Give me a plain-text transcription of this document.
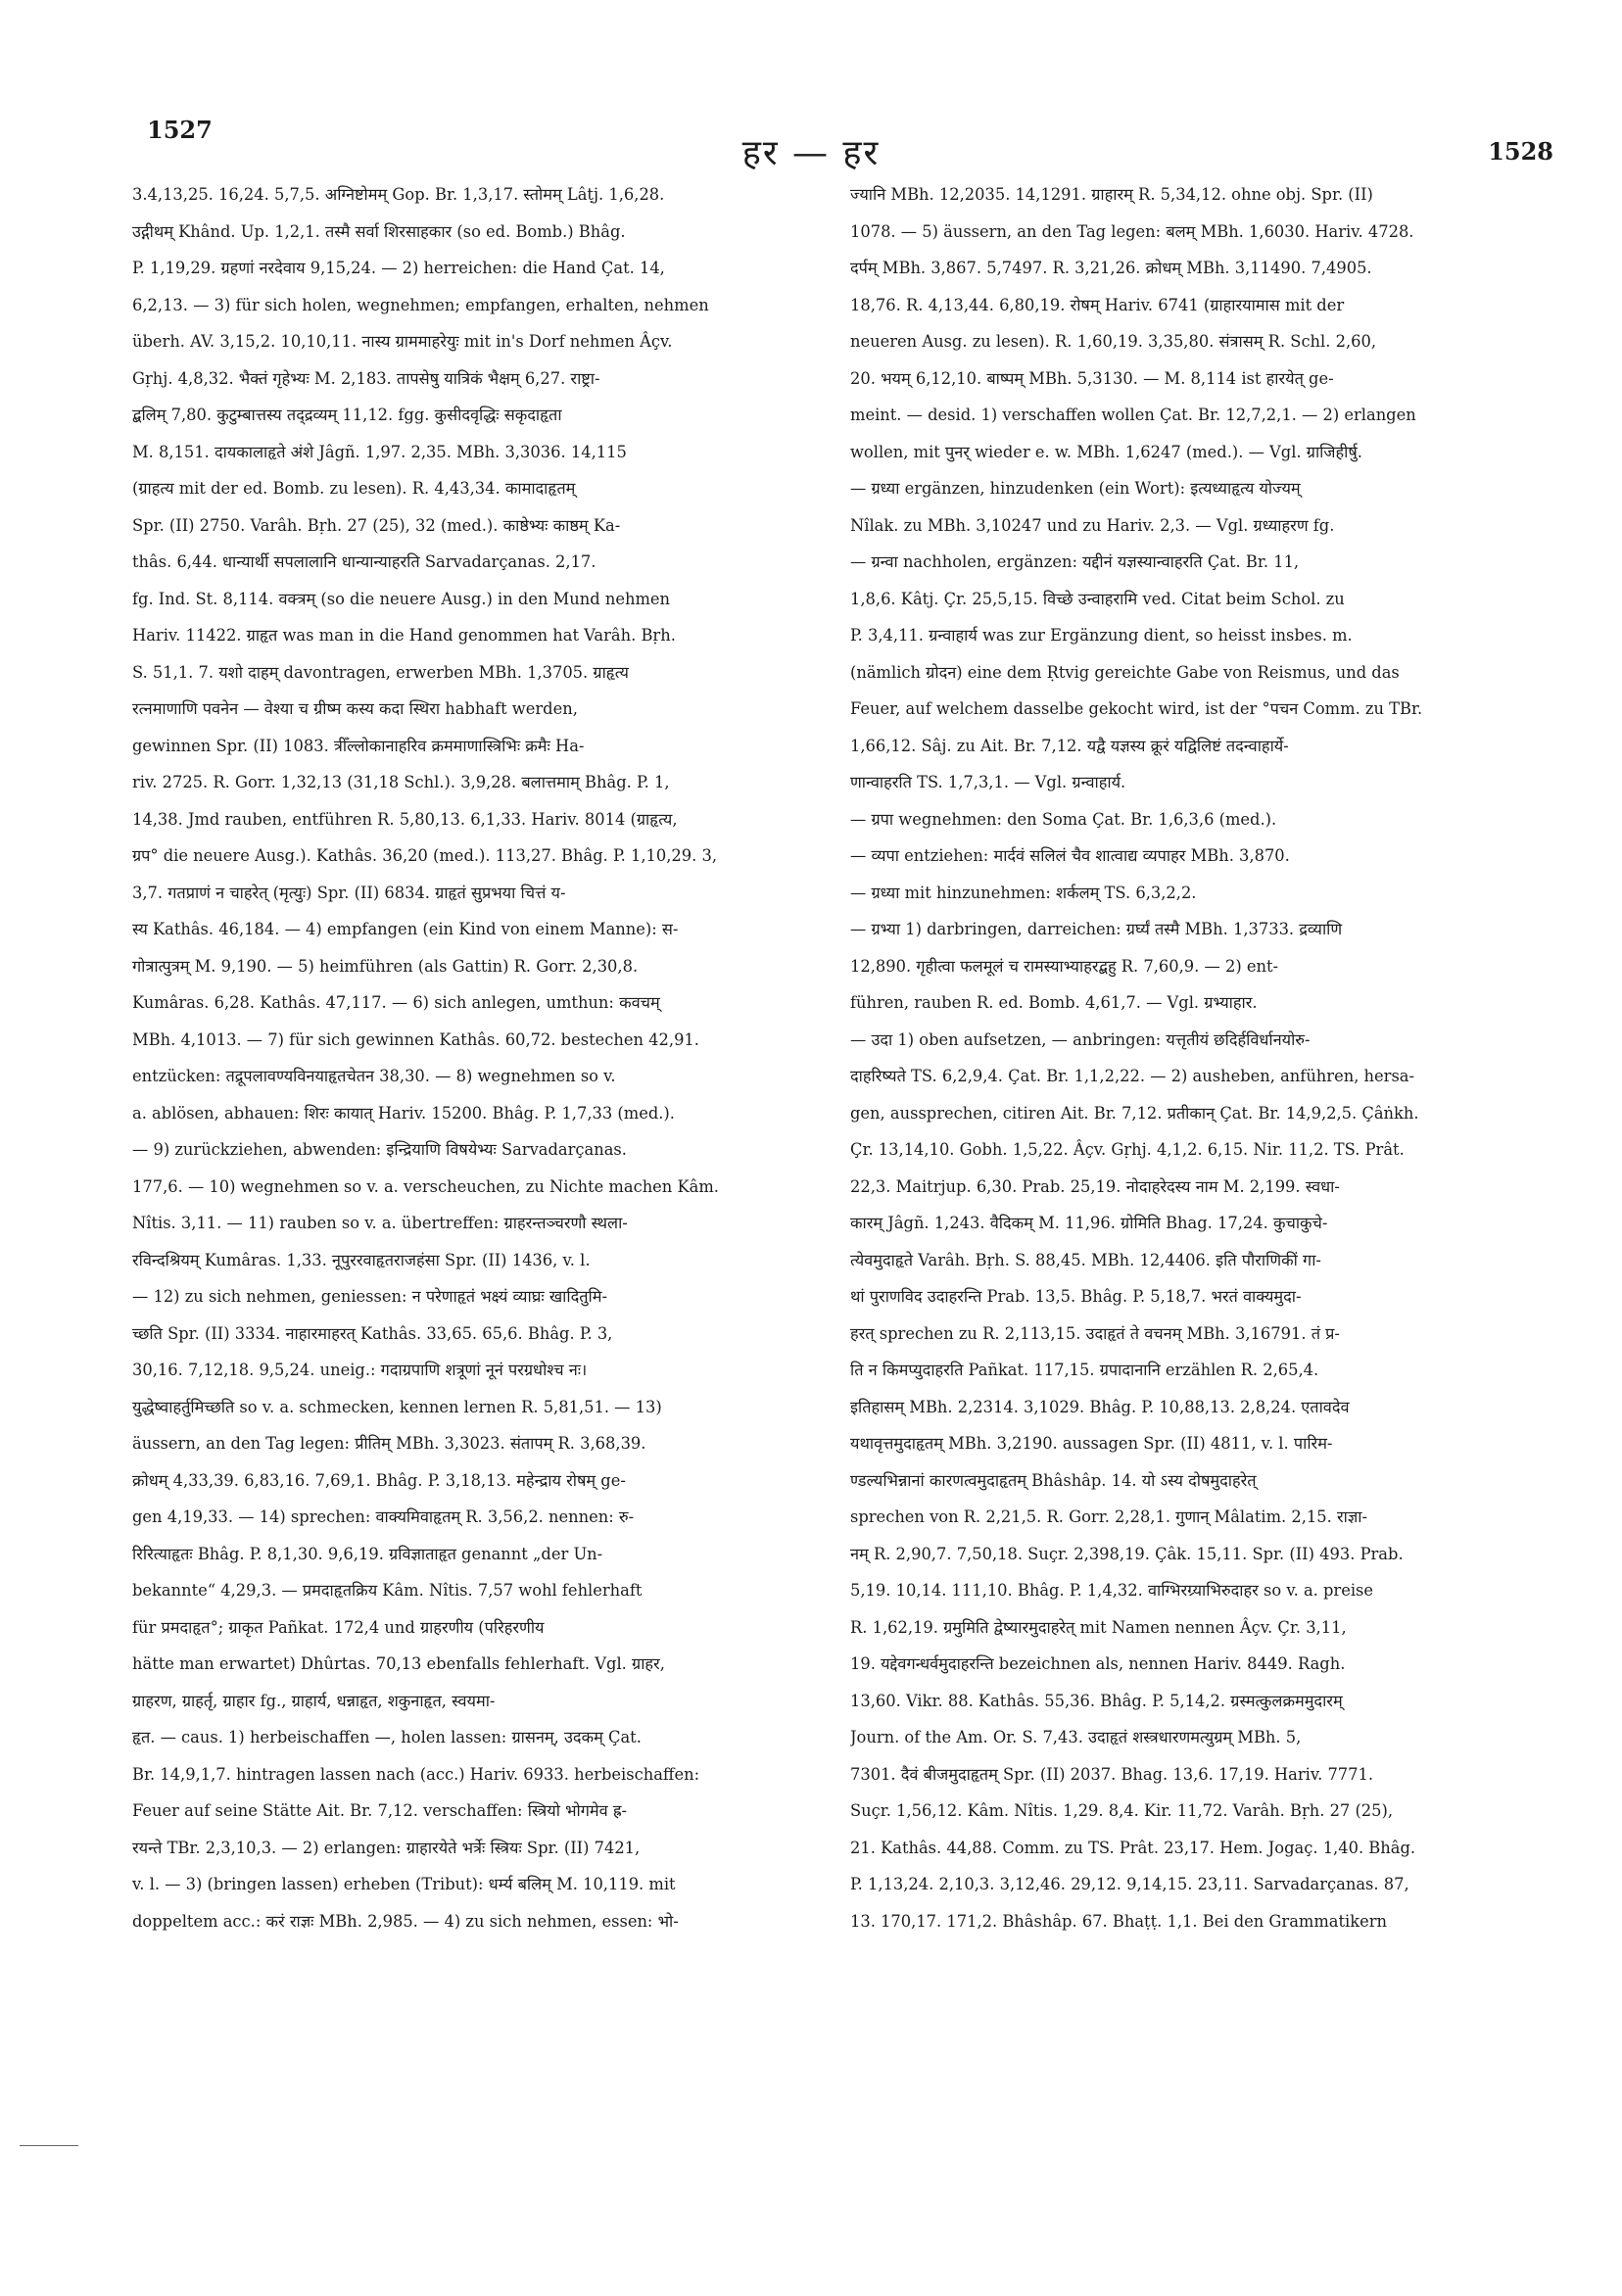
1527
हर — हर	1528

3.4,13,25. 16,24. 5,7,5. अग्निष्टोमम् Gop. Br. 1,3,17. स्तोमम् Lâṭj. 1,6,28.

उद्गीथम् Khând. Up. 1,2,1. तस्मै सर्वा शिरसाहकार (so ed. Bomb.) Bhâg.

P. 1,19,29. ग्रहणां नरदेवाय 9,15,24. — 2) herreichen: die Hand Çat. 14,

6,2,13. — 3) für sich holen, wegnehmen; empfangen, erhalten, nehmen

überh. AV. 3,15,2. 10,10,11. नास्य ग्राममाहरेयुः mit in's Dorf nehmen Âçv.

Gṛhj. 4,8,32. भैक्तं गृहेभ्यः M. 2,183. तापसेषु यात्रिकं भैक्षम् 6,27. राष्ट्रा-

द्बलिम् 7,80. कुटुम्बात्तस्य तद्द्रव्यम् 11,12. fgg. कुसीदवृद्धिः सकृदाहृता

M. 8,151. दायकालाहृते अंशे Jâgñ. 1,97. 2,35. MBh. 3,3036. 14,115

(ग्राहत्य mit der ed. Bomb. zu lesen). R. 4,43,34. कामादाहृतम्

Spr. (II) 2750. Varâh. Bṛh. 27 (25), 32 (med.). काष्ठेभ्यः काष्ठम् Ka-

thâs. 6,44. धान्यार्थी सपलालानि धान्यान्याहरति Sarvadarçanas. 2,17.

fg. Ind. St. 8,114. वक्त्रम् (so die neuere Ausg.) in den Mund nehmen

Hariv. 11422. ग्राहृत was man in die Hand genommen hat Varâh. Bṛh.

S. 51,1. 7. यशो दाहम् davontragen, erwerben MBh. 1,3705. ग्राहृत्य

रत्नमाणाणि पवनेन — वेश्या च ग्रीष्म कस्य कदा स्थिरा habhaft werden,

gewinnen Spr. (II) 1083. त्रीँल्लोकानाहरिव क्रममाणास्त्रिभिः क्रमैः Ha-

riv. 2725. R. Gorr. 1,32,13 (31,18 Schl.). 3,9,28. बलात्तमाम् Bhâg. P. 1,

14,38. Jmd rauben, entführen R. 5,80,13. 6,1,33. Hariv. 8014 (ग्राहृत्य,

ग्रप° die neuere Ausg.). Kathâs. 36,20 (med.). 113,27. Bhâg. P. 1,10,29. 3,

3,7. गतप्राणं न चाहरेत् (मृत्युः) Spr. (II) 6834. ग्राहृतं सुप्रभया चित्तं य-

स्य Kathâs. 46,184. — 4) empfangen (ein Kind von einem Manne): स-

गोत्रात्पुत्रम् M. 9,190. — 5) heimführen (als Gattin) R. Gorr. 2,30,8.

Kumâras. 6,28. Kathâs. 47,117. — 6) sich anlegen, umthun: कवचम्

MBh. 4,1013. — 7) für sich gewinnen Kathâs. 60,72. bestechen 42,91.

entzücken: तद्रूपलावण्यविनयाहृतचेतन 38,30. — 8) wegnehmen so v.

a. ablösen, abhauen: शिरः कायात् Hariv. 15200. Bhâg. P. 1,7,33 (med.).

— 9) zurückziehen, abwenden: इन्द्रियाणि विषयेभ्यः Sarvadarçanas.

177,6. — 10) wegnehmen so v. a. verscheuchen, zu Nichte machen Kâm.

Nîtis. 3,11. — 11) rauben so v. a. übertreffen: ग्राहरन्तञ्चरणौ स्थला-

रविन्दश्रियम् Kumâras. 1,33. नूपुररवाहृतराजहंसा Spr. (II) 1436, v. l.

— 12) zu sich nehmen, geniessen: न परेणाहृतं भक्ष्यं व्याघ्रः खादितुमि-

च्छति Spr. (II) 3334. नाहारमाहरत् Kathâs. 33,65. 65,6. Bhâg. P. 3,

30,16. 7,12,18. 9,5,24. uneig.: गदाग्रपाणि शत्रूणां नूनं परग्रधोश्च नः।

युद्धेष्वाहर्तुमिच्छति so v. a. schmecken, kennen lernen R. 5,81,51. — 13)

äussern, an den Tag legen: प्रीतिम् MBh. 3,3023. संतापम् R. 3,68,39.

क्रोधम् 4,33,39. 6,83,16. 7,69,1. Bhâg. P. 3,18,13. महेन्द्राय रोषम् ge-

gen 4,19,33. — 14) sprechen: वाक्यमिवाहृतम् R. 3,56,2. nennen: रु-

रिरित्याहृतः Bhâg. P. 8,1,30. 9,6,19. ग्रविज्ञाताहृत genannt „der Un-

bekannte“ 4,29,3. — प्रमदाहृतक्रिय Kâm. Nîtis. 7,57 wohl fehlerhaft

für प्रमदाहृत°; ग्राकृत Pañkat. 172,4 und ग्राहरणीय (परिहरणीय

hätte man erwartet) Dhûrtas. 70,13 ebenfalls fehlerhaft. Vgl. ग्राहर,

ग्राहरण, ग्राहर्तृ, ग्राहार fg., ग्राहार्य, धन्नाहृत, शकुनाहृत, स्वयमा-

हृत. — caus. 1) herbeischaffen —, holen lassen: ग्रासनम्, उदकम् Çat.

Br. 14,9,1,7. hintragen lassen nach (acc.) Hariv. 6933. herbeischaffen:

Feuer auf seine Stätte Ait. Br. 7,12. verschaffen: स्त्रियो भोगमेव ह्र-

रयन्ते TBr. 2,3,10,3. — 2) erlangen: ग्राहारयेते भर्त्रेः स्त्रियः Spr. (II) 7421,

v. l. — 3) (bringen lassen) erheben (Tribut): धर्म्य बलिम् M. 10,119. mit

doppeltem acc.: करं राज्ञः MBh. 2,985. — 4) zu sich nehmen, essen: भो-

ज्यानि MBh. 12,2035. 14,1291. ग्राहारम् R. 5,34,12. ohne obj. Spr. (II)

1078. — 5) äussern, an den Tag legen: बलम् MBh. 1,6030. Hariv. 4728.

दर्पम् MBh. 3,867. 5,7497. R. 3,21,26. क्रोधम् MBh. 3,11490. 7,4905.

18,76. R. 4,13,44. 6,80,19. रोषम् Hariv. 6741 (ग्राहारयामास mit der

neueren Ausg. zu lesen). R. 1,60,19. 3,35,80. संत्रासम् R. Schl. 2,60,

20. भयम् 6,12,10. बाष्पम् MBh. 5,3130. — M. 8,114 ist हारयेत् ge-

meint. — desid. 1) verschaffen wollen Çat. Br. 12,7,2,1. — 2) erlangen

wollen, mit पुनर् wieder e. w. MBh. 1,6247 (med.). — Vgl. ग्राजिहीर्षु.

— ग्रध्या ergänzen, hinzudenken (ein Wort): इत्यध्याहृत्य योज्यम्

Nîlak. zu MBh. 3,10247 und zu Hariv. 2,3. — Vgl. ग्रध्याहरण fg.

— ग्रन्वा nachholen, ergänzen: यद्दीनं यज्ञस्यान्वाहरति Çat. Br. 11,

1,8,6. Kâtj. Çr. 25,5,15. विच्छे उन्वाहरामि ved. Citat beim Schol. zu

P. 3,4,11. ग्रन्वाहार्य was zur Ergänzung dient, so heisst insbes. m.

(nämlich ग्रोदन) eine dem Ṛtvig gereichte Gabe von Reismus, und das

Feuer, auf welchem dasselbe gekocht wird, ist der °पचन Comm. zu TBr.

1,66,12. Sâj. zu Ait. Br. 7,12. यद्वै यज्ञस्य क्रूरं यद्विलिष्टं तदन्वाहार्ये-

णान्वाहरति TS. 1,7,3,1. — Vgl. ग्रन्वाहार्य.

— ग्रपा wegnehmen: den Soma Çat. Br. 1,6,3,6 (med.).

— व्यपा entziehen: मार्दवं सलिलं चैव शात्वाद्य व्यपाहर MBh. 3,870.

— ग्रध्या mit hinzunehmen: शर्कलम् TS. 6,3,2,2.

— ग्रभ्या 1) darbringen, darreichen: ग्रर्घ्यं तस्मै MBh. 1,3733. द्रव्याणि

12,890. गृहीत्वा फलमूलं च रामस्याभ्याहरद्बहु R. 7,60,9. — 2) ent-

führen, rauben R. ed. Bomb. 4,61,7. — Vgl. ग्रभ्याहार.

— उदा 1) oben aufsetzen, — anbringen: यत्तृतीयं छदिर्हविर्धानयोरु-

दाहरिष्यते TS. 6,2,9,4. Çat. Br. 1,1,2,22. — 2) ausheben, anführen, hersa-

gen, aussprechen, citiren Ait. Br. 7,12. प्रतीकान् Çat. Br. 14,9,2,5. Çâṅkh.

Çr. 13,14,10. Gobh. 1,5,22. Âçv. Gṛhj. 4,1,2. 6,15. Nir. 11,2. TS. Prât.

22,3. Maitrjup. 6,30. Prab. 25,19. नोदाहरेदस्य नाम M. 2,199. स्वधा-

कारम् Jâgñ. 1,243. वैदिकम् M. 11,96. ग्रोमिति Bhag. 17,24. कुचाकुचे-

त्येवमुदाहृते Varâh. Bṛh. S. 88,45. MBh. 12,4406. इति पौराणिकीं गा-

थां पुराणविद उदाहरन्ति Prab. 13,5. Bhâg. P. 5,18,7. भरतं वाक्यमुदा-

हरत् sprechen zu R. 2,113,15. उदाहृतं ते वचनम् MBh. 3,16791. तं प्र-

ति न किमप्युदाहरति Pañkat. 117,15. ग्रपादानानि erzählen R. 2,65,4.

इतिहासम् MBh. 2,2314. 3,1029. Bhâg. P. 10,88,13. 2,8,24. एतावदेव

यथावृत्तमुदाहृतम् MBh. 3,2190. aussagen Spr. (II) 4811, v. l. पारिम-

ण्डल्यभिन्नानां कारणत्वमुदाहृतम् Bhâshâp. 14. यो ऽस्य दोषमुदाहरेत्

sprechen von R. 2,21,5. R. Gorr. 2,28,1. गुणान् Mâlatim. 2,15. राज्ञा-

नम् R. 2,90,7. 7,50,18. Suçr. 2,398,19. Çâk. 15,11. Spr. (II) 493. Prab.

5,19. 10,14. 111,10. Bhâg. P. 1,4,32. वाग्भिरग्र्याभिरुदाहर so v. a. preise

R. 1,62,19. ग्रमुमिति द्वेष्यारमुदाहरेत् mit Namen nennen Âçv. Çr. 3,11,

19. यद्देवगन्धर्वमुदाहरन्ति bezeichnen als, nennen Hariv. 8449. Ragh.

13,60. Vikr. 88. Kathâs. 55,36. Bhâg. P. 5,14,2. ग्रस्मत्कुलक्रममुदारम्

Journ. of the Am. Or. S. 7,43. उदाहृतं शस्त्रधारणमत्युग्रम् MBh. 5,

7301. दैवं बीजमुदाहृतम् Spr. (II) 2037. Bhag. 13,6. 17,19. Hariv. 7771.

Suçr. 1,56,12. Kâm. Nîtis. 1,29. 8,4. Kir. 11,72. Varâh. Bṛh. 27 (25),

21. Kathâs. 44,88. Comm. zu TS. Prât. 23,17. Hem. Jogaç. 1,40. Bhâg.

P. 1,13,24. 2,10,3. 3,12,46. 29,12. 9,14,15. 23,11. Sarvadarçanas. 87,

13. 170,17. 171,2. Bhâshâp. 67. Bhaṭṭ. 1,1. Bei den Grammatikern
